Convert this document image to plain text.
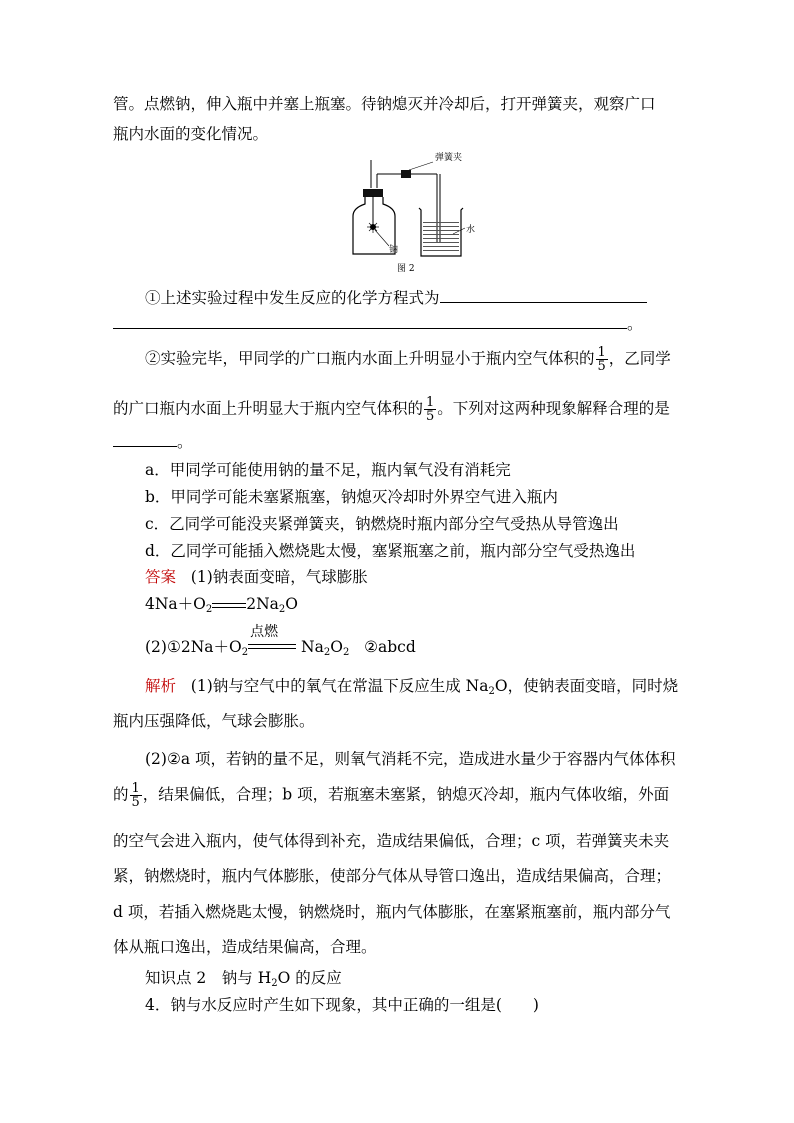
管。点燃钠，伸入瓶中并塞上瓶塞。待钠熄灭并冷却后，打开弹簧夹，观察广口
瓶内水面的变化情况。
弹簧夹
水
钠
图 2
①上述实验过程中发生反应的化学方程式为
。
②实验完毕，甲同学的广口瓶内水面上升明显小于瓶内空气体积的 $\frac{1}{5}$ ，乙同学
的广口瓶内水面上升明显大于瓶内空气体积的 $\frac{1}{5}$ 。下列对这两种现象解释合理的是
。
a．甲同学可能使用钠的量不足，瓶内氧气没有消耗完
b．甲同学可能未塞紧瓶塞，钠熄灭冷却时外界空气进入瓶内
c．乙同学可能没夹紧弹簧夹，钠燃烧时瓶内部分空气受热从导管逸出
d．乙同学可能插入燃烧匙太慢，塞紧瓶塞之前，瓶内部分空气受热逸出
答案 (1)钠表面变暗，气球膨胀
$4Na+O_2$ $2Na_2O$
$(2)①2Na+O_2$
点燃
$Na_2O_2$ ②abcd
解析 (1)钠与空气中的氧气在常温下反应生成 $Na_2O$，使钠表面变暗，同时烧
瓶内压强降低，气球会膨胀。
(2)②a 项，若钠的量不足，则氧气消耗不完，造成进水量少于容器内气体体积
的 $\frac{1}{5}$ ，结果偏低，合理；b 项，若瓶塞未塞紧，钠熄灭冷却，瓶内气体收缩，外面
的空气会进入瓶内，使气体得到补充，造成结果偏低，合理；c 项，若弹簧夹未夹
紧，钠燃烧时，瓶内气体膨胀，使部分气体从导管口逸出，造成结果偏高，合理；
d 项，若插入燃烧匙太慢，钠燃烧时，瓶内气体膨胀，在塞紧瓶塞前，瓶内部分气
体从瓶口逸出，造成结果偏高，合理。
知识点 2　钠与 $H_2O$ 的反应
4．钠与水反应时产生如下现象，其中正确的一组是(　　)
